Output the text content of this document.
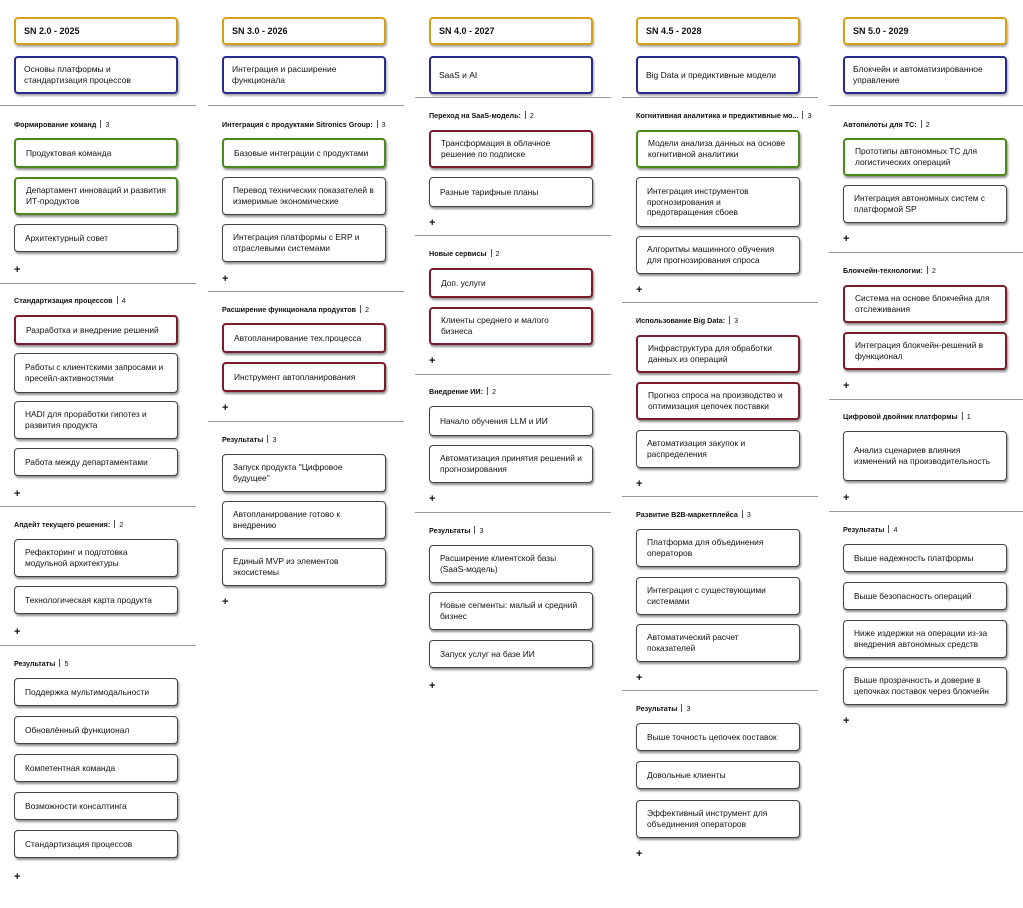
SN 2.0 - 2025
Основы платформы и стандартизация процессов
Формирование команд 3
Продуктовая команда
Департамент инноваций и развития ИТ-продуктов
Архитектурный совет
+
Стандартизация процессов 4
Разработка и внедрение решений
Работы с клиентскими запросами и пресейл-активностями
HADI для проработки гипотез и развития продукта
Работа между департаментами
+
Апдейт текущего решения: 2
Рефакторинг и подготовка модульной архитектуры
Технологическая карта продукта
+
Результаты 5
Поддержка мультимодальности
Обновлённый функционал
Компетентная команда
Возможности консалтинга
Стандартизация процессов
+
SN 3.0 - 2026
Интеграция и расширение функционала
Интеграция с продуктами Sitronics Group: 3
Базовые интеграции с продуктами
Перевод технических показателей в измеримые экономические
Интеграция платформы с ERP и отраслевыми системами
+
Расширение функционала продуктов 2
Автопланирование тех.процесса
Инструмент автопланирования
+
Результаты 3
Запуск продукта "Цифровое будущее"
Автопланирование готово к внедрению
Единый MVP из элементов экосистемы
+
SN 4.0 - 2027
SaaS и AI
Переход на SaaS-модель: 2
Трансформация в облачное решение по подписке
Разные тарифные планы
+
Новые сервисы 2
Доп. услуги
Клиенты среднего и малого бизнеса
+
Внедрение ИИ: 2
Начало обучения LLM и ИИ
Автоматизация принятия решений и прогнозирования
+
Результаты 3
Расширение клиентской базы (SaaS-модель)
Новые сегменты: малый и средний бизнес
Запуск услуг на базе ИИ
+
SN 4.5 - 2028
Big Data и предиктивные модели
Когнитивная аналитика и предиктивные мо... 3
Модели анализа данных на основе когнитивной аналитики
Интеграция инструментов прогнозирования и предотвращения сбоев
Алгоритмы машинного обучения для прогнозирования спроса
+
Использование Big Data: 3
Инфраструктура для обработки данных из операций
Прогноз спроса на производство и оптимизация цепочек поставки
Автоматизация закупок и распределения
+
Развитие B2B-маркетплейса 3
Платформа для объединения операторов
Интеграция с существующими системами
Автоматический расчет показателей
+
Результаты 3
Выше точность цепочек поставок
Довольные клиенты
Эффективный инструмент для объединения операторов
+
SN 5.0 - 2029
Блокчейн и автоматизированное управление
Автопилоты для ТС: 2
Прототипы автономных ТС для логистических операций
Интеграция автономных систем с платформой SP
+
Блокчейн-технологии: 2
Система на основе блокчейна для отслеживания
Интеграция блокчейн-решений в функционал
+
Цифровой двойник платформы 1
Анализ сценариев влияния изменений на производительность
+
Результаты 4
Выше надежность платформы
Выше безопасность операций
Ниже издержки на операции из-за внедрения автономных средств
Выше прозрачность и доверие в цепочках поставок через блокчейн
+
